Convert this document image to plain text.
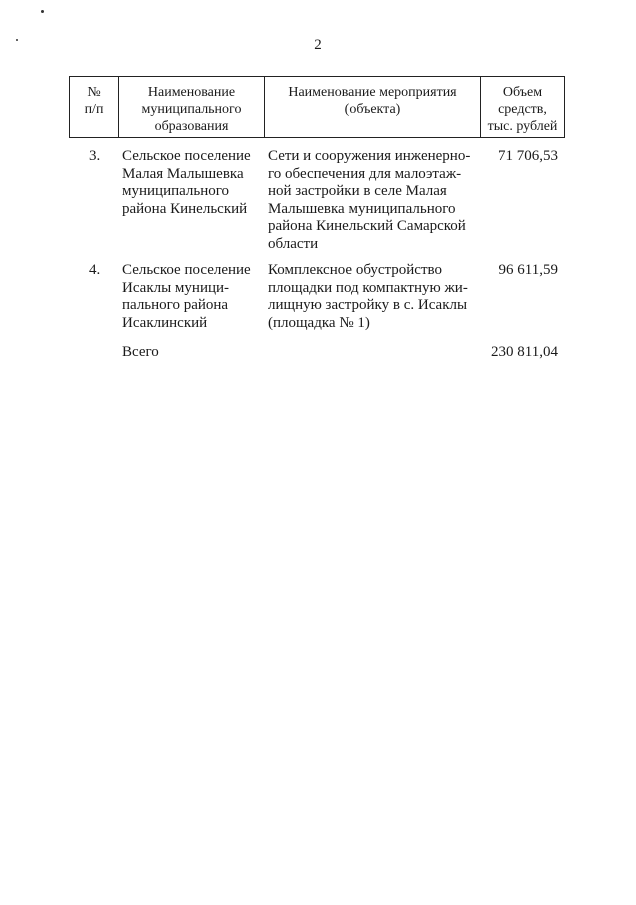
2
№
п/п
Наименование
муниципального
образования
Наименование мероприятия
(объекта)
Объем
средств,
тыс. рублей
3. Сельское поселение
Малая Малышевка
муниципального
района Кинельский
Сети и сооружения инженерно-
го обеспечения для малоэтаж-
ной застройки в селе Малая
Малышевка муниципального
района Кинельский Самарской
области
71 706,53
4. Сельское поселение
Исаклы муници-
пального района
Исаклинский
Комплексное обустройство
площадки под компактную жи-
лищную застройку в с. Исаклы
(площадка № 1)
96 611,59
Всего	230 811,04
